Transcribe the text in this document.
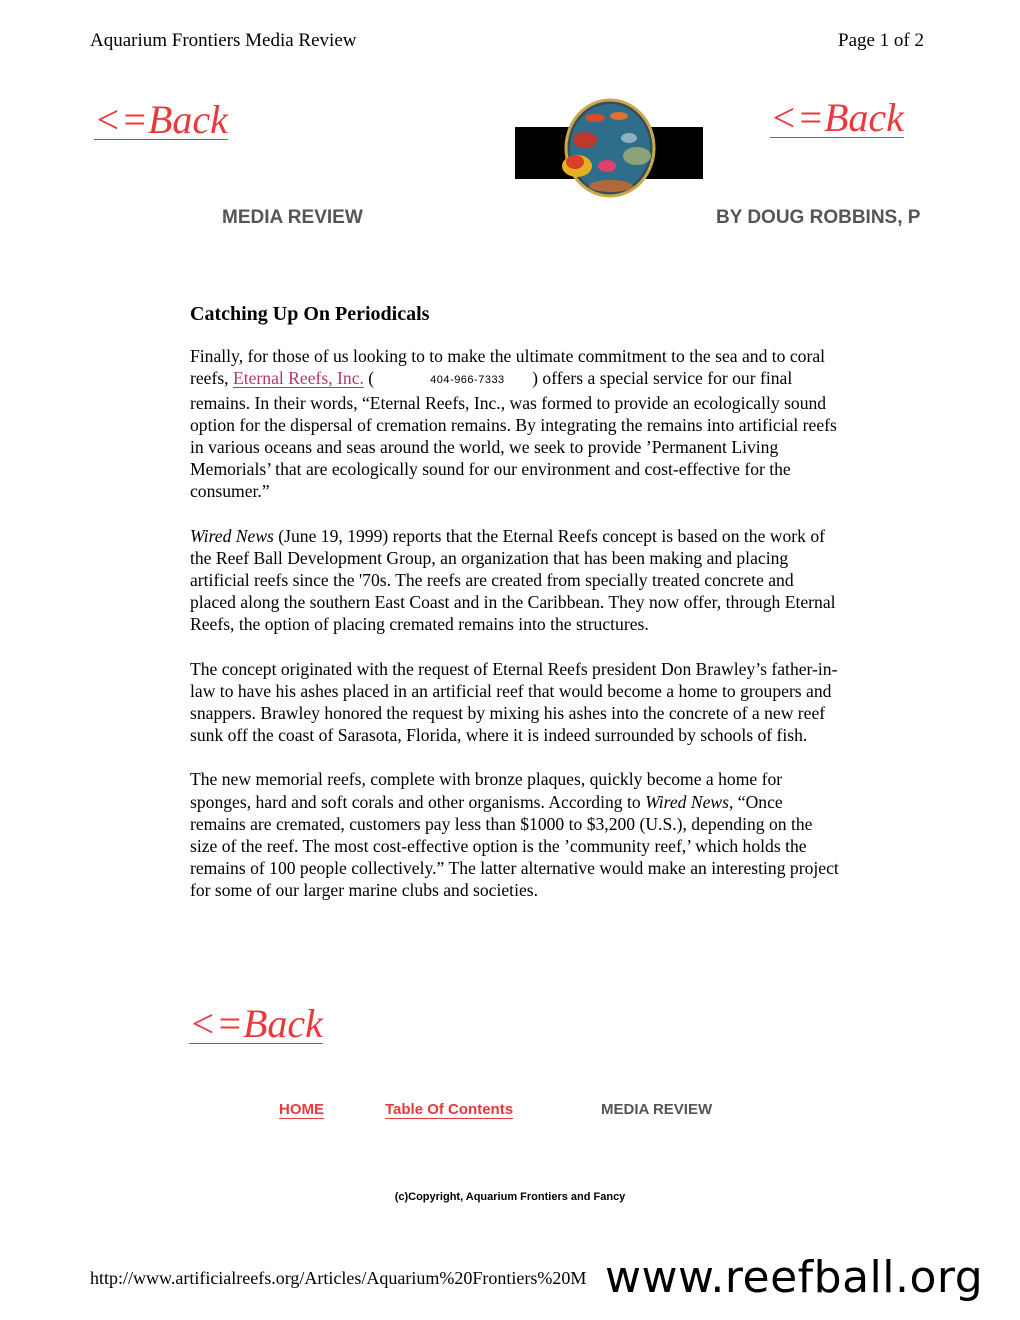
Aquarium Frontiers Media Review	Page 1 of 2
<=Back	<=Back
MEDIA REVIEW	BY DOUG ROBBINS, P
Catching Up On Periodicals

Finally, for those of us looking to to make the ultimate commitment to the sea and to coral reefs, Eternal Reefs, Inc. (	404-966-7333 ) offers a special service for our final remains. In their words, “Eternal Reefs, Inc., was formed to provide an ecologically sound option for the dispersal of cremation remains. By integrating the remains into artificial reefs in various oceans and seas around the world, we seek to provide ’Permanent Living Memorials’ that are ecologically sound for our environment and cost-effective for the consumer.”

Wired News (June 19, 1999) reports that the Eternal Reefs concept is based on the work of the Reef Ball Development Group, an organization that has been making and placing artificial reefs since the '70s. The reefs are created from specially treated concrete and placed along the southern East Coast and in the Caribbean. They now offer, through Eternal Reefs, the option of placing cremated remains into the structures.

The concept originated with the request of Eternal Reefs president Don Brawley’s father-in-law to have his ashes placed in an artificial reef that would become a home to groupers and snappers. Brawley honored the request by mixing his ashes into the concrete of a new reef sunk off the coast of Sarasota, Florida, where it is indeed surrounded by schools of fish.

The new memorial reefs, complete with bronze plaques, quickly become a home for sponges, hard and soft corals and other organisms. According to Wired News, “Once remains are cremated, customers pay less than $1000 to $3,200 (U.S.), depending on the size of the reef. The most cost-effective option is the ’community reef,’ which holds the remains of 100 people collectively.” The latter alternative would make an interesting project for some of our larger marine clubs and societies.

<=Back
HOME	Table Of Contents	MEDIA REVIEW
(c)Copyright, Aquarium Frontiers and Fancy
http://www.artificialreefs.org/Articles/Aquarium%20Frontiers%20M www.reefball.org
